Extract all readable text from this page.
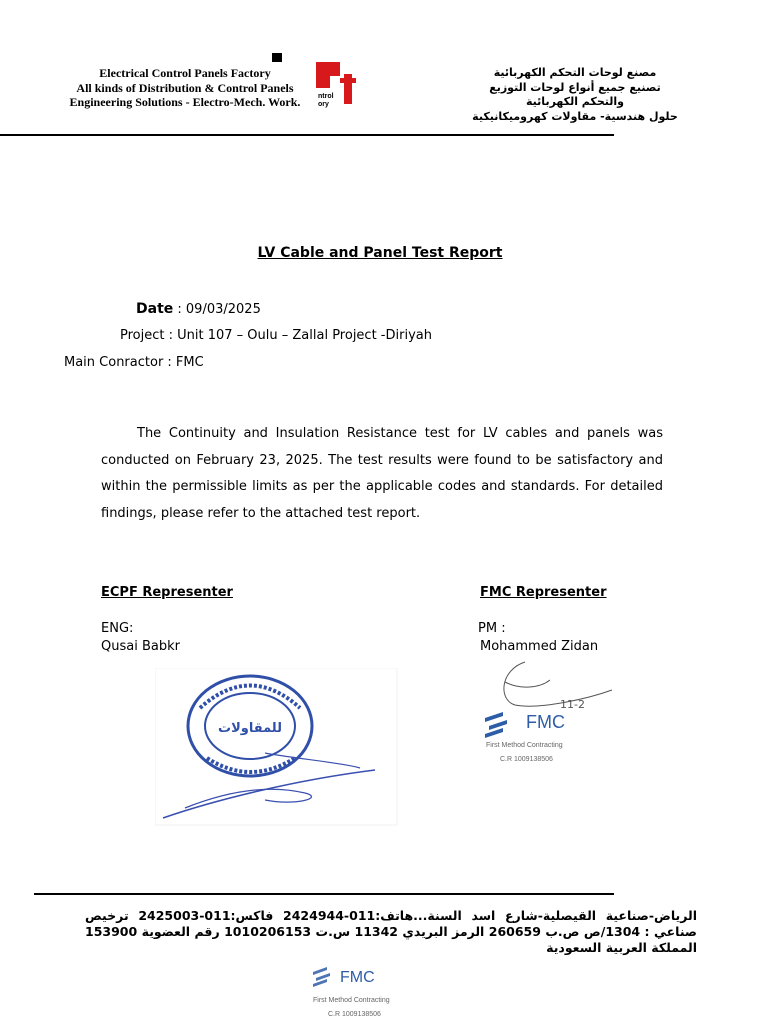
Electrical Control Panels Factory
All kinds of Distribution & Control Panels
Engineering Solutions - Electro-Mech. Work.	ntrol
ory
مصنع لوحات التحكم الكهربائية
تصنيع جميع أنواع لوحات التوزيع
والتحكم الكهربائية
حلول هندسية- مقاولات كهروميكانيكية
LV Cable and Panel Test Report
Date : 09/03/2025
Project : Unit 107 – Oulu – Zallal Project -Diriyah
Main Conractor : FMC
The Continuity and Insulation Resistance test for LV cables and panels was conducted on February 23, 2025. The test results were found to be satisfactory and within the permissible limits as per the applicable codes and standards. For detailed findings, please refer to the attached test report.
ECPF Representer	FMC Representer
ENG:
Qusai Babkr
PM :
Mohammed Zidan
للمقاولات
11-2
FMC
First Method Contracting
C.R 1009138506
الرياض-صناعية القيصلية-شارع اسد السنة...هاتف:011-2424944 فاكس:011-2425003 ترخيص صناعي : 1304/ص ص.ب 260659 الرمز البريدي 11342 س.ت 1010206153 رقم العضوية 153900 المملكة العربية السعودية
FMC
First Method Contracting
C.R 1009138506
